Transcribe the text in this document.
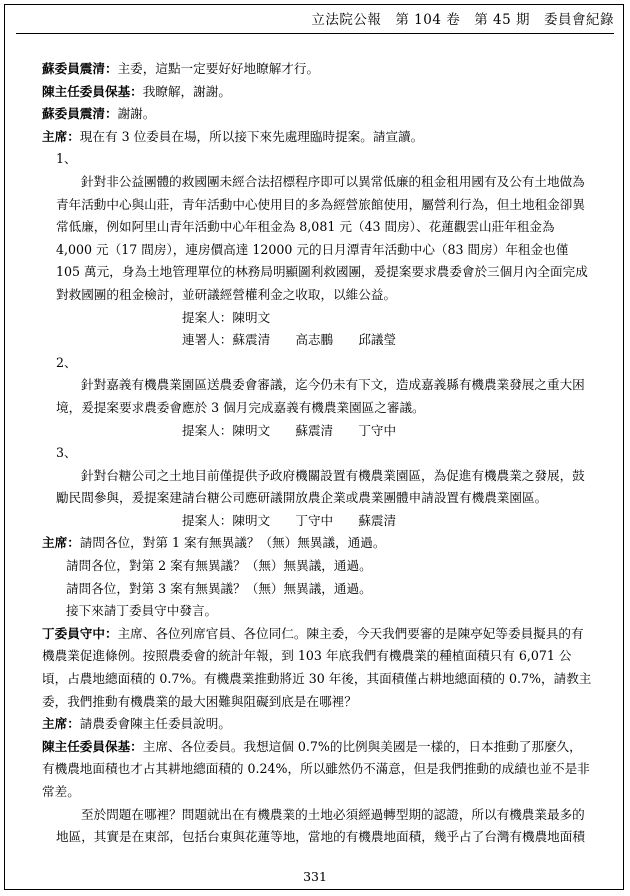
立法院公報　第 104 卷　第 45 期　委員會紀錄

蘇委員震清：主委，這點一定要好好地瞭解才行。

陳主任委員保基：我瞭解，謝謝。

蘇委員震清：謝謝。

主席：現在有 3 位委員在場，所以接下來先處理臨時提案。請宣讀。

1、

針對非公益團體的救國團未經合法招標程序即可以異常低廉的租金租用國有及公有土地做為青年活動中心與山莊，青年活動中心使用目的多為經營旅館使用，屬營利行為，但土地租金卻異常低廉，例如阿里山青年活動中心年租金為 8,081 元（43 間房）、花蓮觀雲山莊年租金為 4,000 元（17 間房），連房價高達 12000 元的日月潭青年活動中心（83 間房）年租金也僅 105 萬元，身為土地管理單位的林務局明顯圖利救國團，爰提案要求農委會於三個月內全面完成對救國團的租金檢討，並研議經營權利金之收取，以維公益。

提案人：陳明文

連署人：蘇震清　　高志鵬　　邱議瑩

2、

針對嘉義有機農業園區送農委會審議，迄今仍未有下文，造成嘉義縣有機農業發展之重大困境，爰提案要求農委會應於 3 個月完成嘉義有機農業園區之審議。

提案人：陳明文　　蘇震清　　丁守中

3、

針對台糖公司之土地目前僅提供予政府機關設置有機農業園區，為促進有機農業之發展，鼓勵民間參與，爰提案建請台糖公司應研議開放農企業或農業團體申請設置有機農業園區。

提案人：陳明文　　丁守中　　蘇震清

主席：請問各位，對第 1 案有無異議？（無）無異議，通過。

請問各位，對第 2 案有無異議？（無）無異議，通過。

請問各位，對第 3 案有無異議？（無）無異議，通過。

接下來請丁委員守中發言。

丁委員守中：主席、各位列席官員、各位同仁。陳主委，今天我們要審的是陳亭妃等委員擬具的有機農業促進條例。按照農委會的統計年報，到 103 年底我們有機農業的種植面積只有 6,071 公頃，占農地總面積的 0.7%。有機農業推動將近 30 年後，其面積僅占耕地總面積的 0.7%，請教主委，我們推動有機農業的最大困難與阻礙到底是在哪裡？

主席：請農委會陳主任委員說明。

陳主任委員保基：主席、各位委員。我想這個 0.7%的比例與美國是一樣的，日本推動了那麼久，有機農地面積也才占其耕地總面積的 0.24%，所以雖然仍不滿意，但是我們推動的成績也並不是非常差。

至於問題在哪裡？問題就出在有機農業的土地必須經過轉型期的認證，所以有機農業最多的地區，其實是在東部，包括台東與花蓮等地，當地的有機農地面積，幾乎占了台灣有機農地面積

331
